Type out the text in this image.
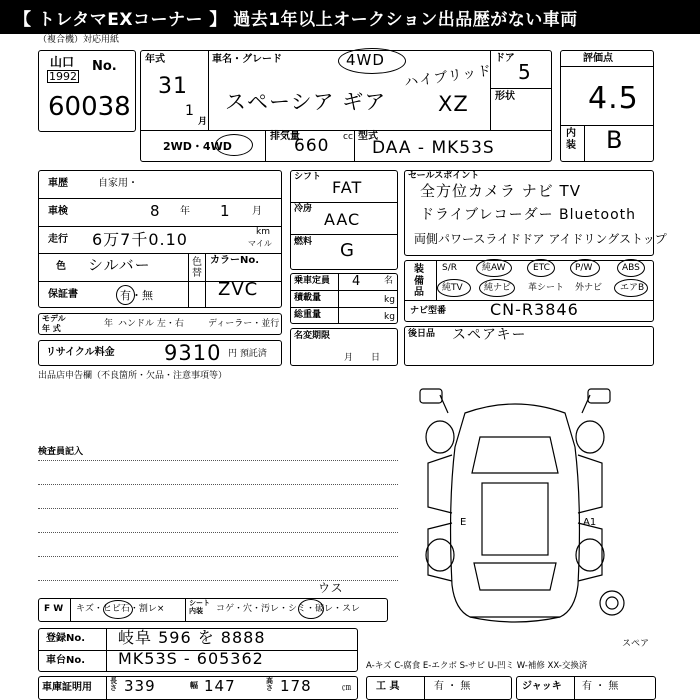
【 トレタマEXコーナー 】 過去1年以上オークション出品歴がない車両
（複合機）対応用紙
山口
1992
No.
60038
年式
31
1
月
車名・グレード	4WD
ハイブリッド
スペーシア ギア XZ
ドア
5
形状
2WD・4WD
排気量
660 cc 型式
DAA - MK53S
評価点
4.5
内装 B
車歴	自家用・
車検	8 年 1 月
走行 6万7千0.10	km
マイル
色 シルバー	色替
カラーNo.
ZVC
保証書	有・無
モデル
年 式	年 ハンドル 左・右	ディーラー・並行
リサイクル料金 9310 円 預託済
出品店申告欄（不良箇所・欠品・注意事項等）
シフト
FAT
冷房
AAC
燃料 G
乗車定員 4	名
積載量	kg
総重量	kg
名変期限
月日
セールスポイント
全方位カメラ ナビ TV
ドライブレコーダー Bluetooth
両側パワースライドドア アイドリングストップ
装備品
S/R	純AW	ETC	P/W	ABS
純TV 純ナビ 革シート 外ナビ エアB
ナビ型番	CN-R3846
後日品 スペアキー
検査員記入
E	A1
スペア
ウス
F W キズ・ヒビ石・割レ×
シート内装	コゲ・穴・汚レ・シミ・破レ・スレ
登録No. 岐阜 596 を 8888
車台No. MK53S - 605362	A-キズ C-腐食 E-エクボ S-サビ U-凹ミ W-補修 XX-交換済
車庫証明用
長さ 339	幅 147	高さ 178	㎝ 工 具	有 ・ 無	ジャッキ 有 ・ 無
